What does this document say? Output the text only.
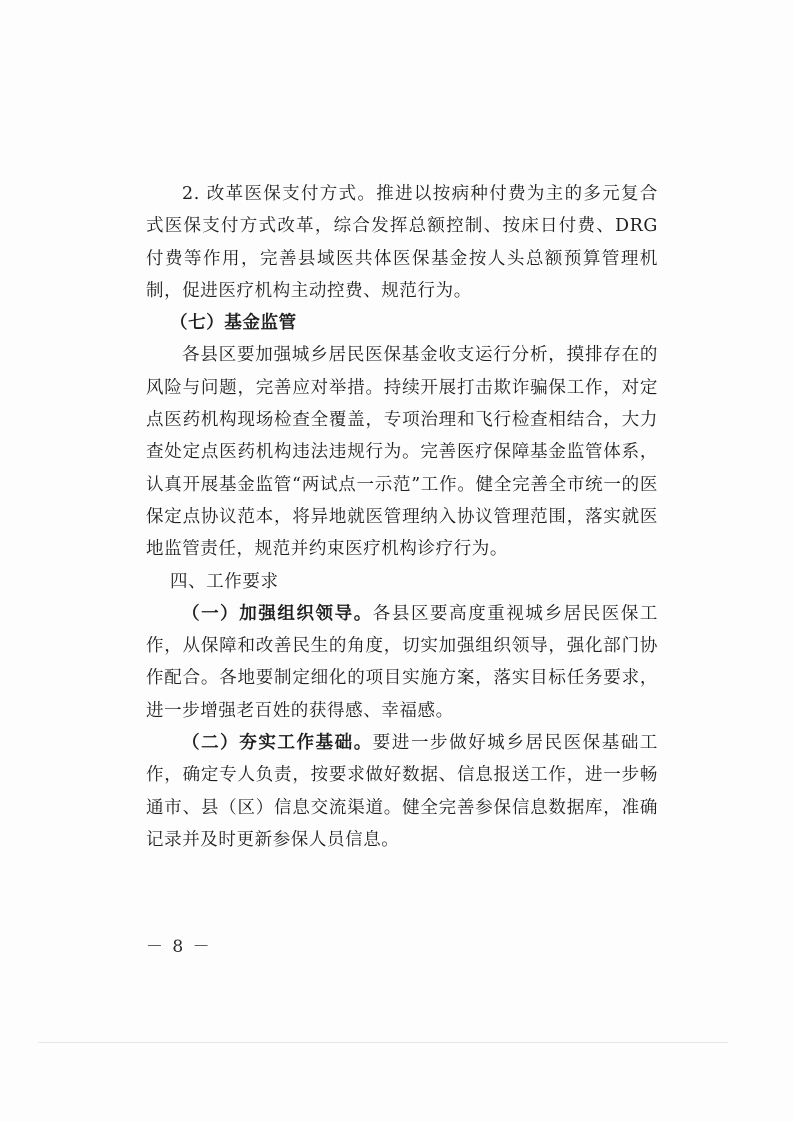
2. 改革医保支付方式。推进以按病种付费为主的多元复合式医保支付方式改革，综合发挥总额控制、按床日付费、DRG 付费等作用，完善县域医共体医保基金按人头总额预算管理机制，促进医疗机构主动控费、规范行为。

（七）基金监管

各县区要加强城乡居民医保基金收支运行分析，摸排存在的风险与问题，完善应对举措。持续开展打击欺诈骗保工作，对定点医药机构现场检查全覆盖，专项治理和飞行检查相结合，大力查处定点医药机构违法违规行为。完善医疗保障基金监管体系，认真开展基金监管“两试点一示范”工作。健全完善全市统一的医保定点协议范本，将异地就医管理纳入协议管理范围，落实就医地监管责任，规范并约束医疗机构诊疗行为。

四、工作要求

（一）加强组织领导。各县区要高度重视城乡居民医保工作，从保障和改善民生的角度，切实加强组织领导，强化部门协作配合。各地要制定细化的项目实施方案，落实目标任务要求，进一步增强老百姓的获得感、幸福感。

（二）夯实工作基础。要进一步做好城乡居民医保基础工作，确定专人负责，按要求做好数据、信息报送工作，进一步畅通市、县（区）信息交流渠道。健全完善参保信息数据库，准确记录并及时更新参保人员信息。

－ 8 －
